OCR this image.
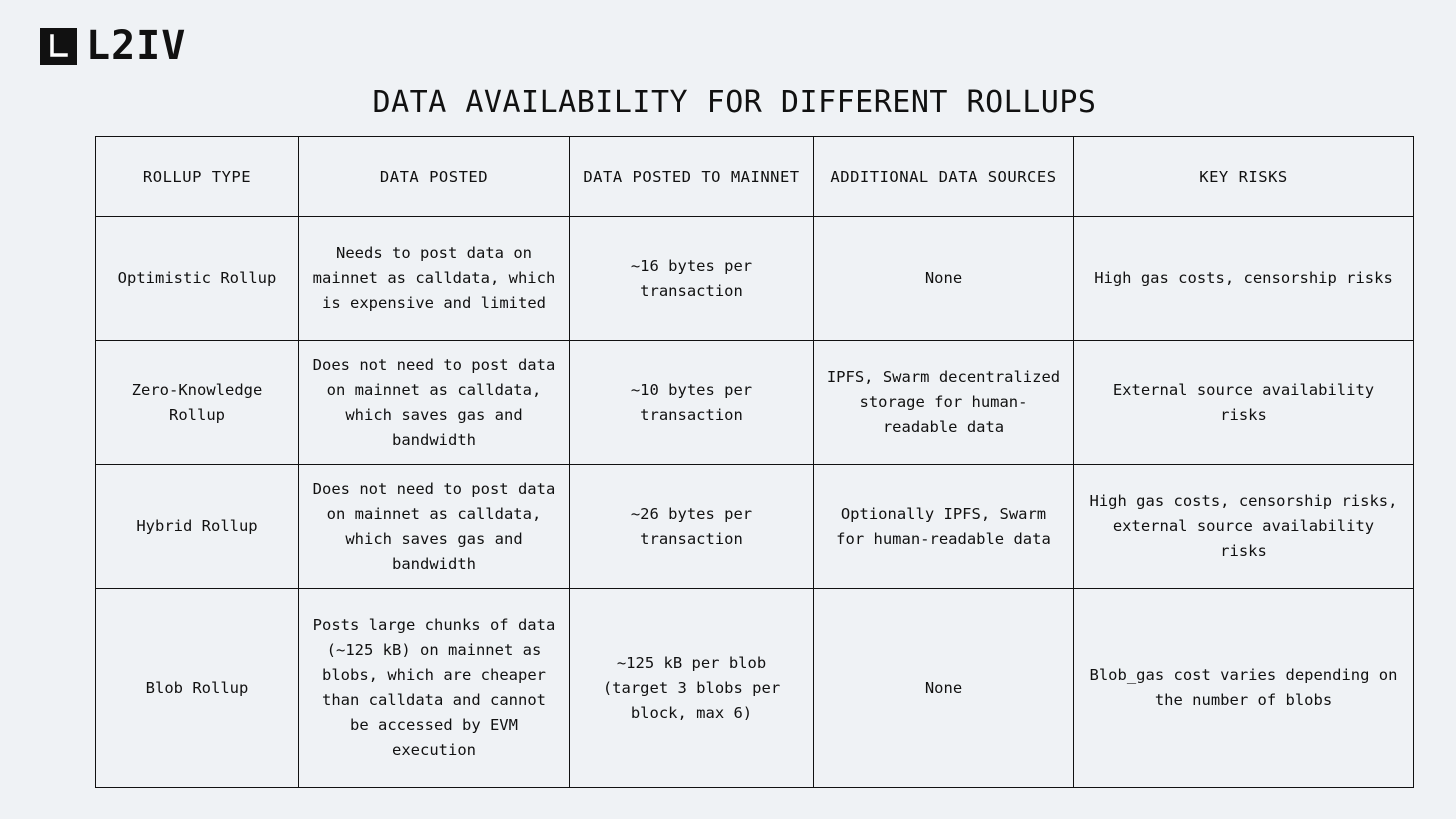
L2IV
DATA AVAILABILITY FOR DIFFERENT ROLLUPS
ROLLUP TYPE	DATA POSTED	DATA POSTED TO MAINNET	ADDITIONAL DATA SOURCES	KEY RISKS
Optimistic Rollup	Needs to post data on mainnet as calldata, which is expensive and limited	~16 bytes per transaction	None	High gas costs, censorship risks
Zero-Knowledge Rollup	Does not need to post data on mainnet as calldata, which saves gas and bandwidth	~10 bytes per transaction	IPFS, Swarm decentralized storage for human-readable data	External source availability risks
Hybrid Rollup	Does not need to post data on mainnet as calldata, which saves gas and bandwidth	~26 bytes per transaction	Optionally IPFS, Swarm for human-readable data	High gas costs, censorship risks, external source availability risks
Blob Rollup	Posts large chunks of data (~125 kB) on mainnet as blobs, which are cheaper than calldata and cannot be accessed by EVM execution	~125 kB per blob (target 3 blobs per block, max 6)	None	Blob_gas cost varies depending on the number of blobs
